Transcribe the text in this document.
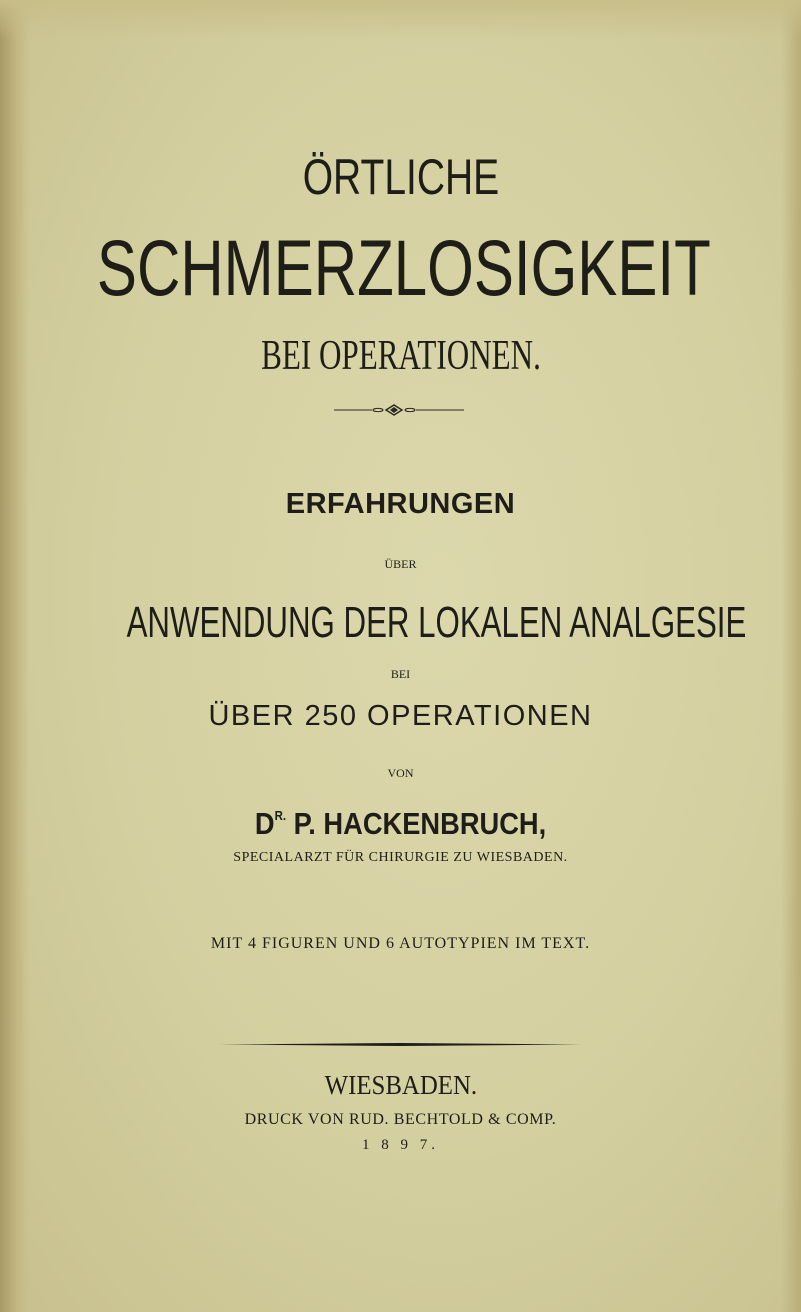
ÖRTLICHE
SCHMERZLOSIGKEIT
BEI OPERATIONEN.
ERFAHRUNGEN
ÜBER
ANWENDUNG DER LOKALEN ANALGESIE
BEI
ÜBER 250 OPERATIONEN
VON
$D^{R.}$ P. HACKENBRUCH,
SPECIALARZT FÜR CHIRURGIE ZU WIESBADEN.
MIT 4 FIGUREN UND 6 AUTOTYPIEN IM TEXT.
WIESBADEN.
DRUCK VON RUD. BECHTOLD & COMP.
1 8 9 7.
